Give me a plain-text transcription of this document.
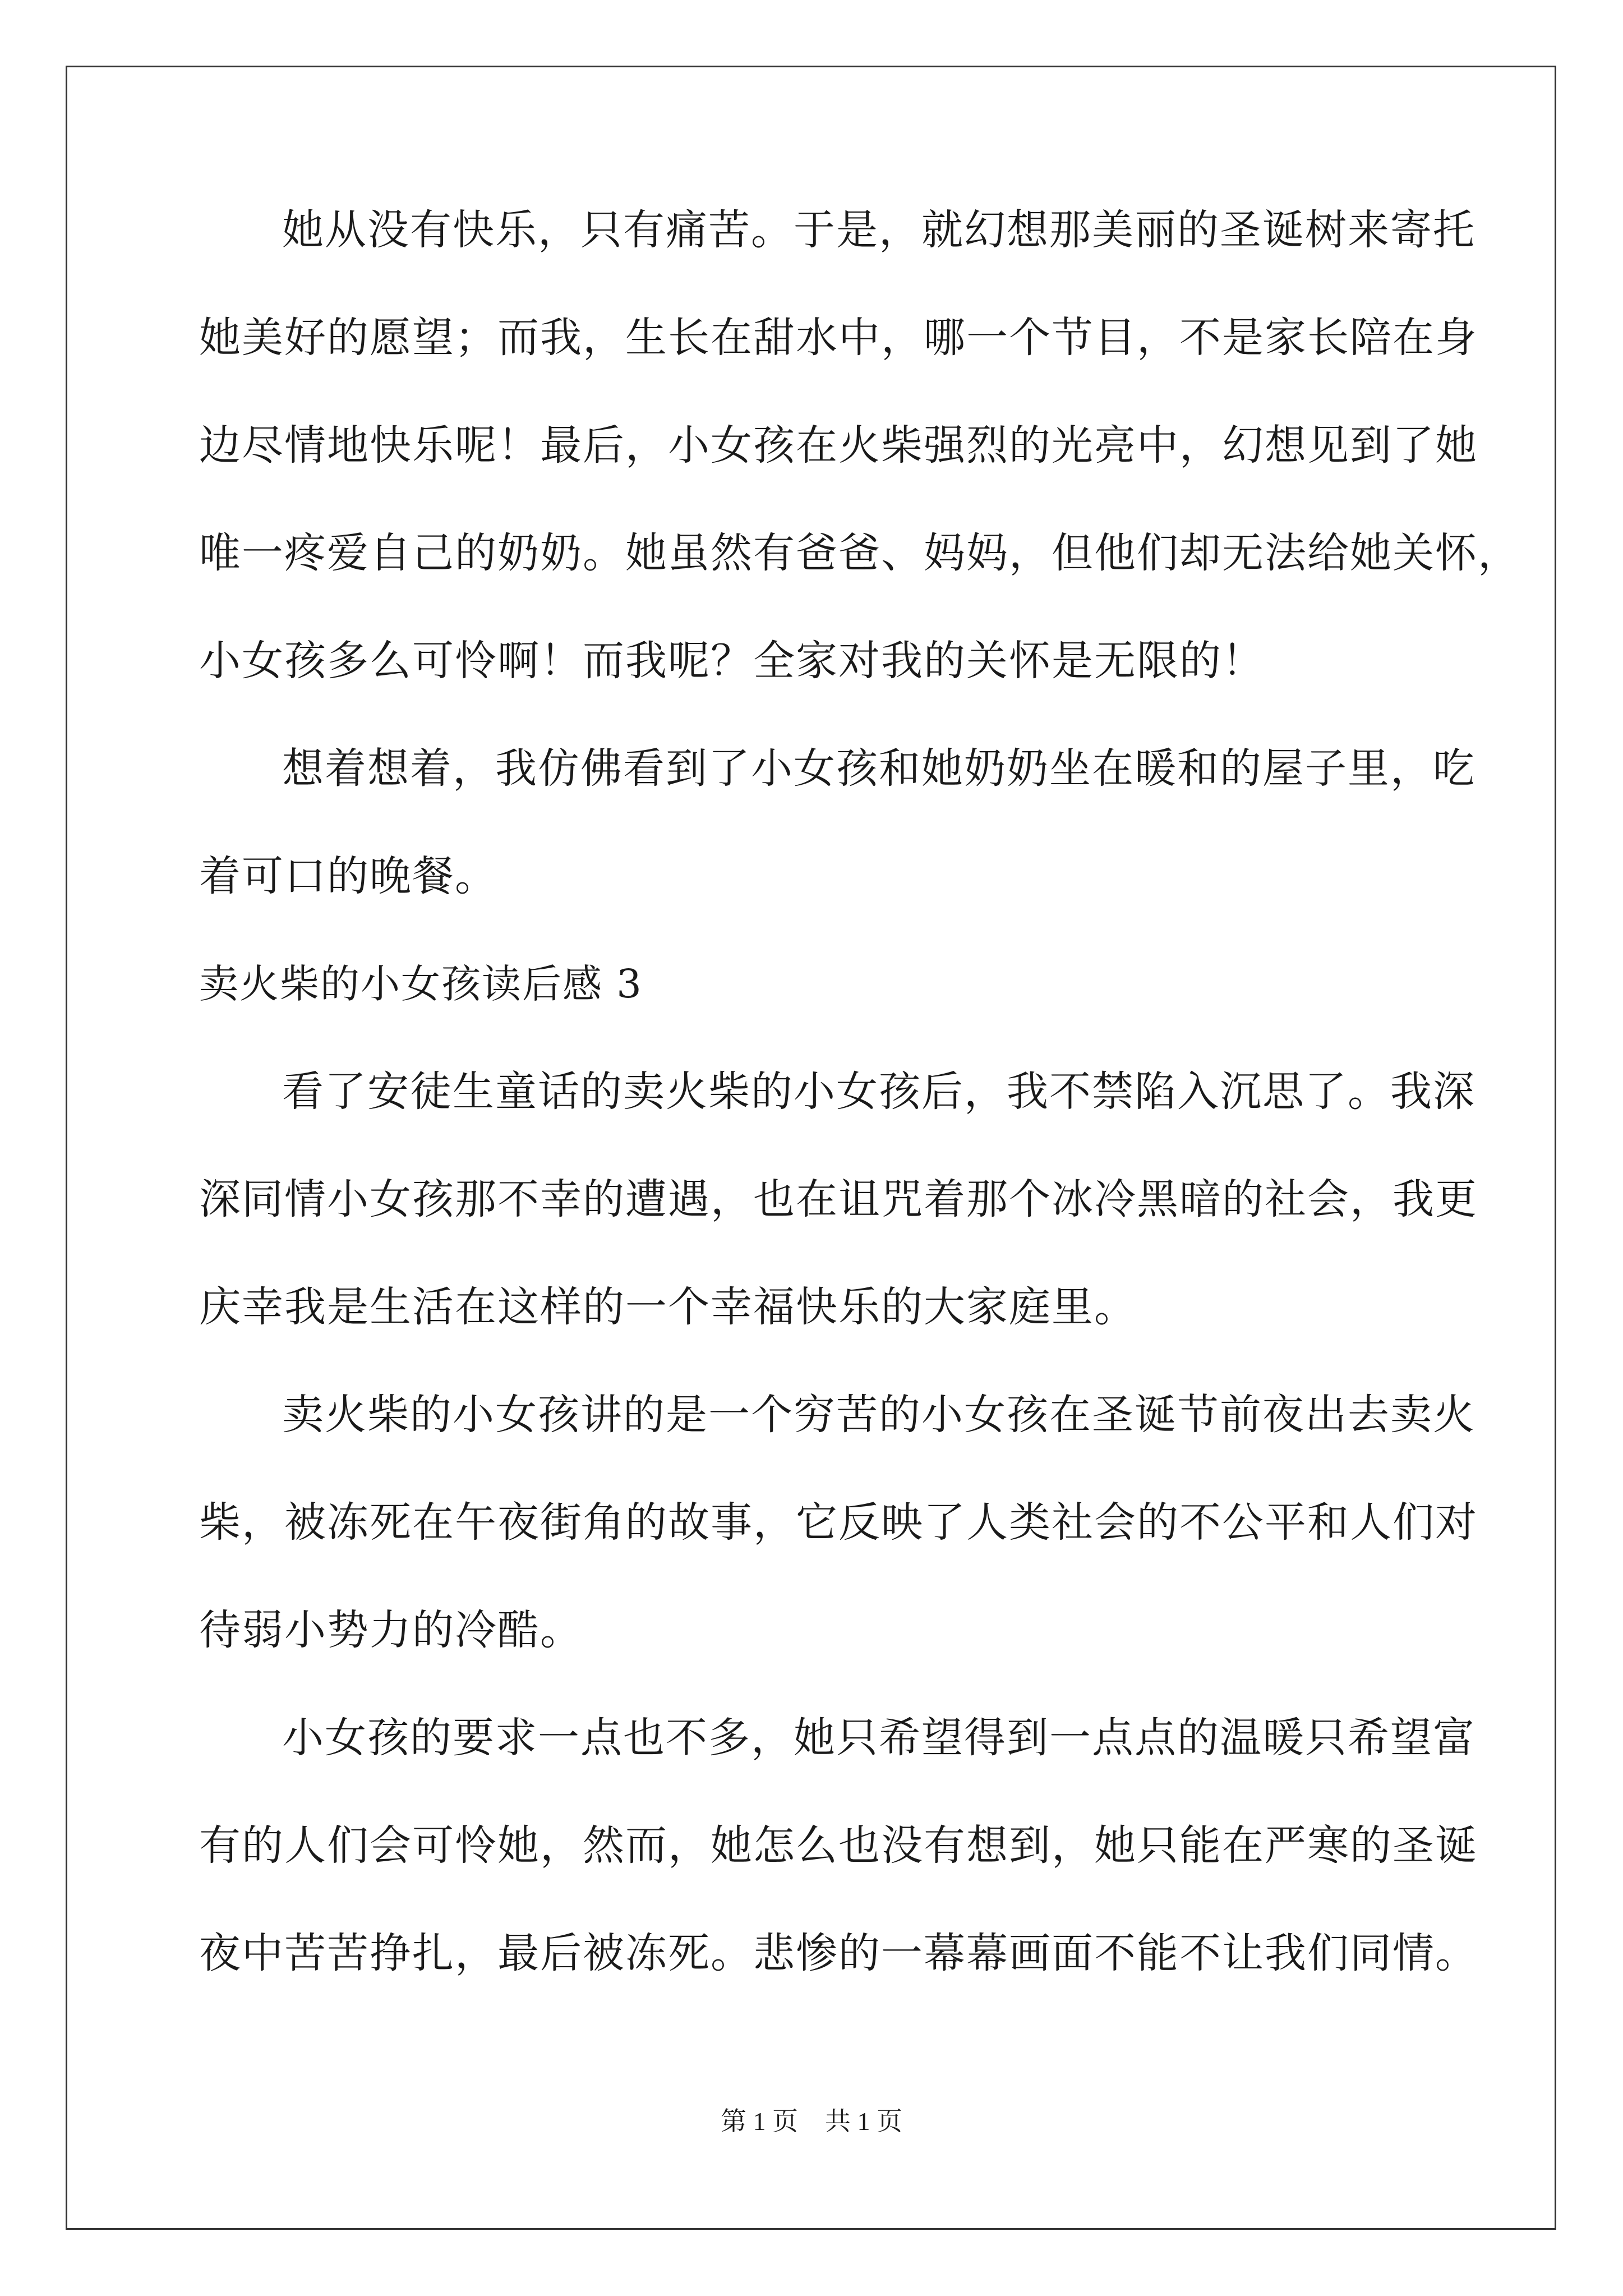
她从没有快乐，只有痛苦。于是，就幻想那美丽的圣诞树来寄托
她美好的愿望；而我，生长在甜水中，哪一个节目，不是家长陪在身
边尽情地快乐呢！最后，小女孩在火柴强烈的光亮中，幻想见到了她
唯一疼爱自己的奶奶。她虽然有爸爸、妈妈，但他们却无法给她关怀，
小女孩多么可怜啊！而我呢？全家对我的关怀是无限的！
想着想着，我仿佛看到了小女孩和她奶奶坐在暖和的屋子里，吃
着可口的晚餐。
卖火柴的小女孩读后感 3
看了安徒生童话的卖火柴的小女孩后，我不禁陷入沉思了。我深
深同情小女孩那不幸的遭遇，也在诅咒着那个冰冷黑暗的社会，我更
庆幸我是生活在这样的一个幸福快乐的大家庭里。
卖火柴的小女孩讲的是一个穷苦的小女孩在圣诞节前夜出去卖火
柴，被冻死在午夜街角的故事，它反映了人类社会的不公平和人们对
待弱小势力的冷酷。
小女孩的要求一点也不多，她只希望得到一点点的温暖只希望富
有的人们会可怜她，然而，她怎么也没有想到，她只能在严寒的圣诞
夜中苦苦挣扎，最后被冻死。悲惨的一幕幕画面不能不让我们同情。
第 1 页 共 1 页
